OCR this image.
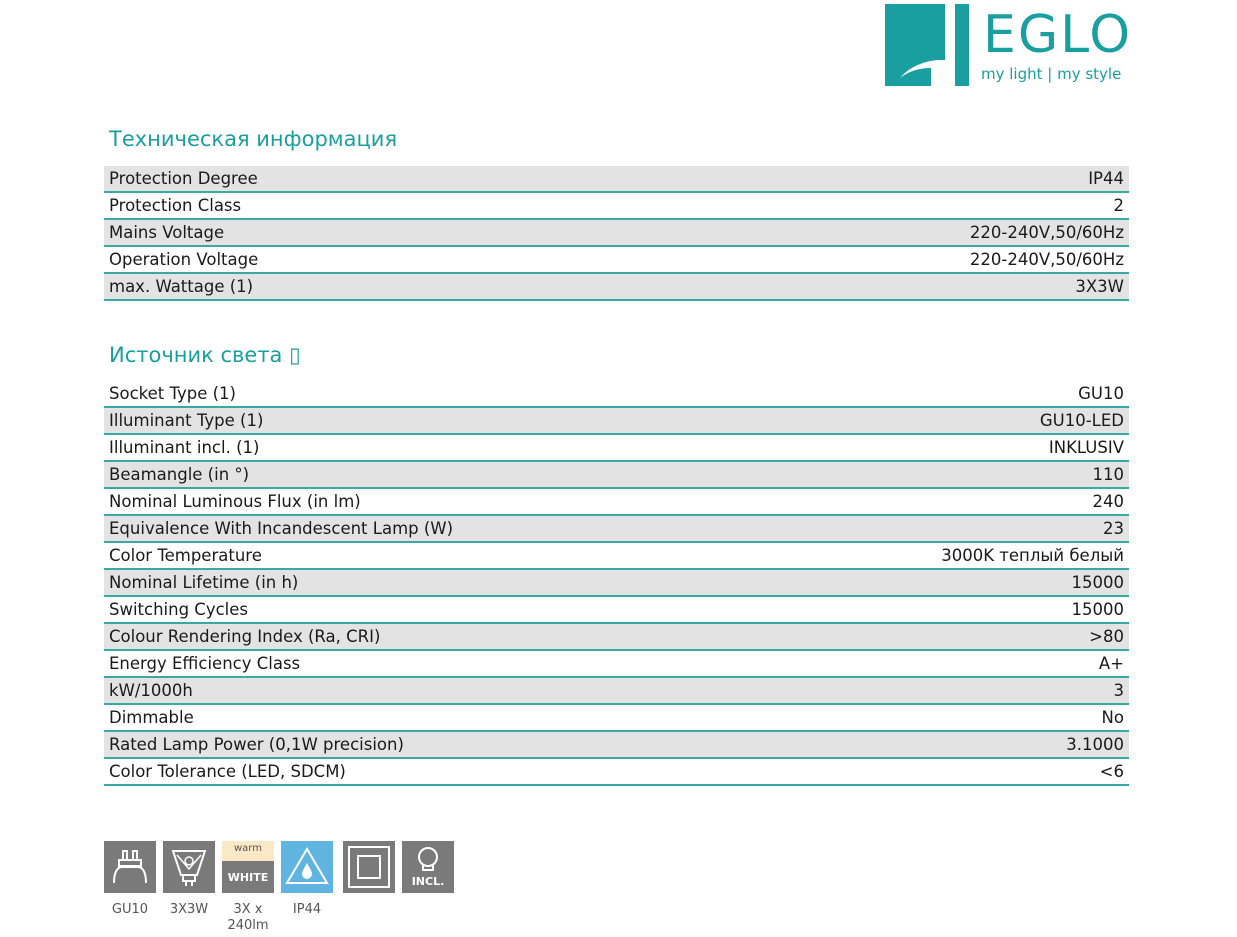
EGLO
my light | my style
Техническая информация
Protection Degree	IP44
Protection Class	2
Mains Voltage	220-240V,50/60Hz
Operation Voltage	220-240V,50/60Hz
max. Wattage (1)	3X3W
Источник света ▯
Socket Type (1)	GU10
Illuminant Type (1)	GU10-LED
Illuminant incl. (1)	INKLUSIV
Beamangle (in °)	110
Nominal Luminous Flux (in lm)	240
Equivalence With Incandescent Lamp (W)	23
Color Temperature	3000K теплый белый
Nominal Lifetime (in h)	15000
Switching Cycles	15000
Colour Rendering Index (Ra, CRI)	>80
Energy Efficiency Class	A+
kW/1000h	3
Dimmable	No
Rated Lamp Power (0,1W precision)	3.1000
Color Tolerance (LED, SDCM)	<6
GU10	3X3W
warm
WHITE
3X x
240lm
IP44
INCL.
